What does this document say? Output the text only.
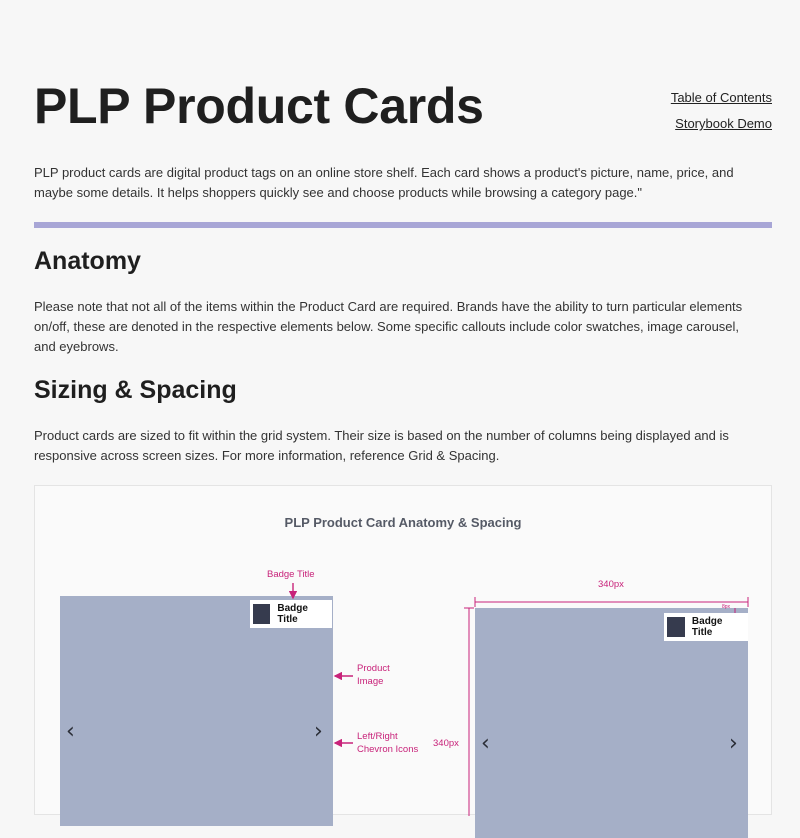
PLP Product Cards	Table of Contents
Storybook Demo

PLP product cards are digital product tags on an online store shelf. Each card shows a product's picture, name, price, and maybe some details. It helps shoppers quickly see and choose products while browsing a category page."

Anatomy

Please note that not all of the items within the Product Card are required. Brands have the ability to turn particular elements on/off, these are denoted in the respective elements below. Some specific callouts include color swatches, image carousel, and eyebrows.

Sizing & Spacing

Product cards are sized to fit within the grid system. Their size is based on the number of columns being displayed and is responsive across screen sizes. For more information, reference Grid & Spacing.

PLP Product Card Anatomy & Spacing
Badge Title
‹	›
Badge Title
‹	›
Badge Title
Product
Image
Left/Right
Chevron Icons
340px
340px
8px
